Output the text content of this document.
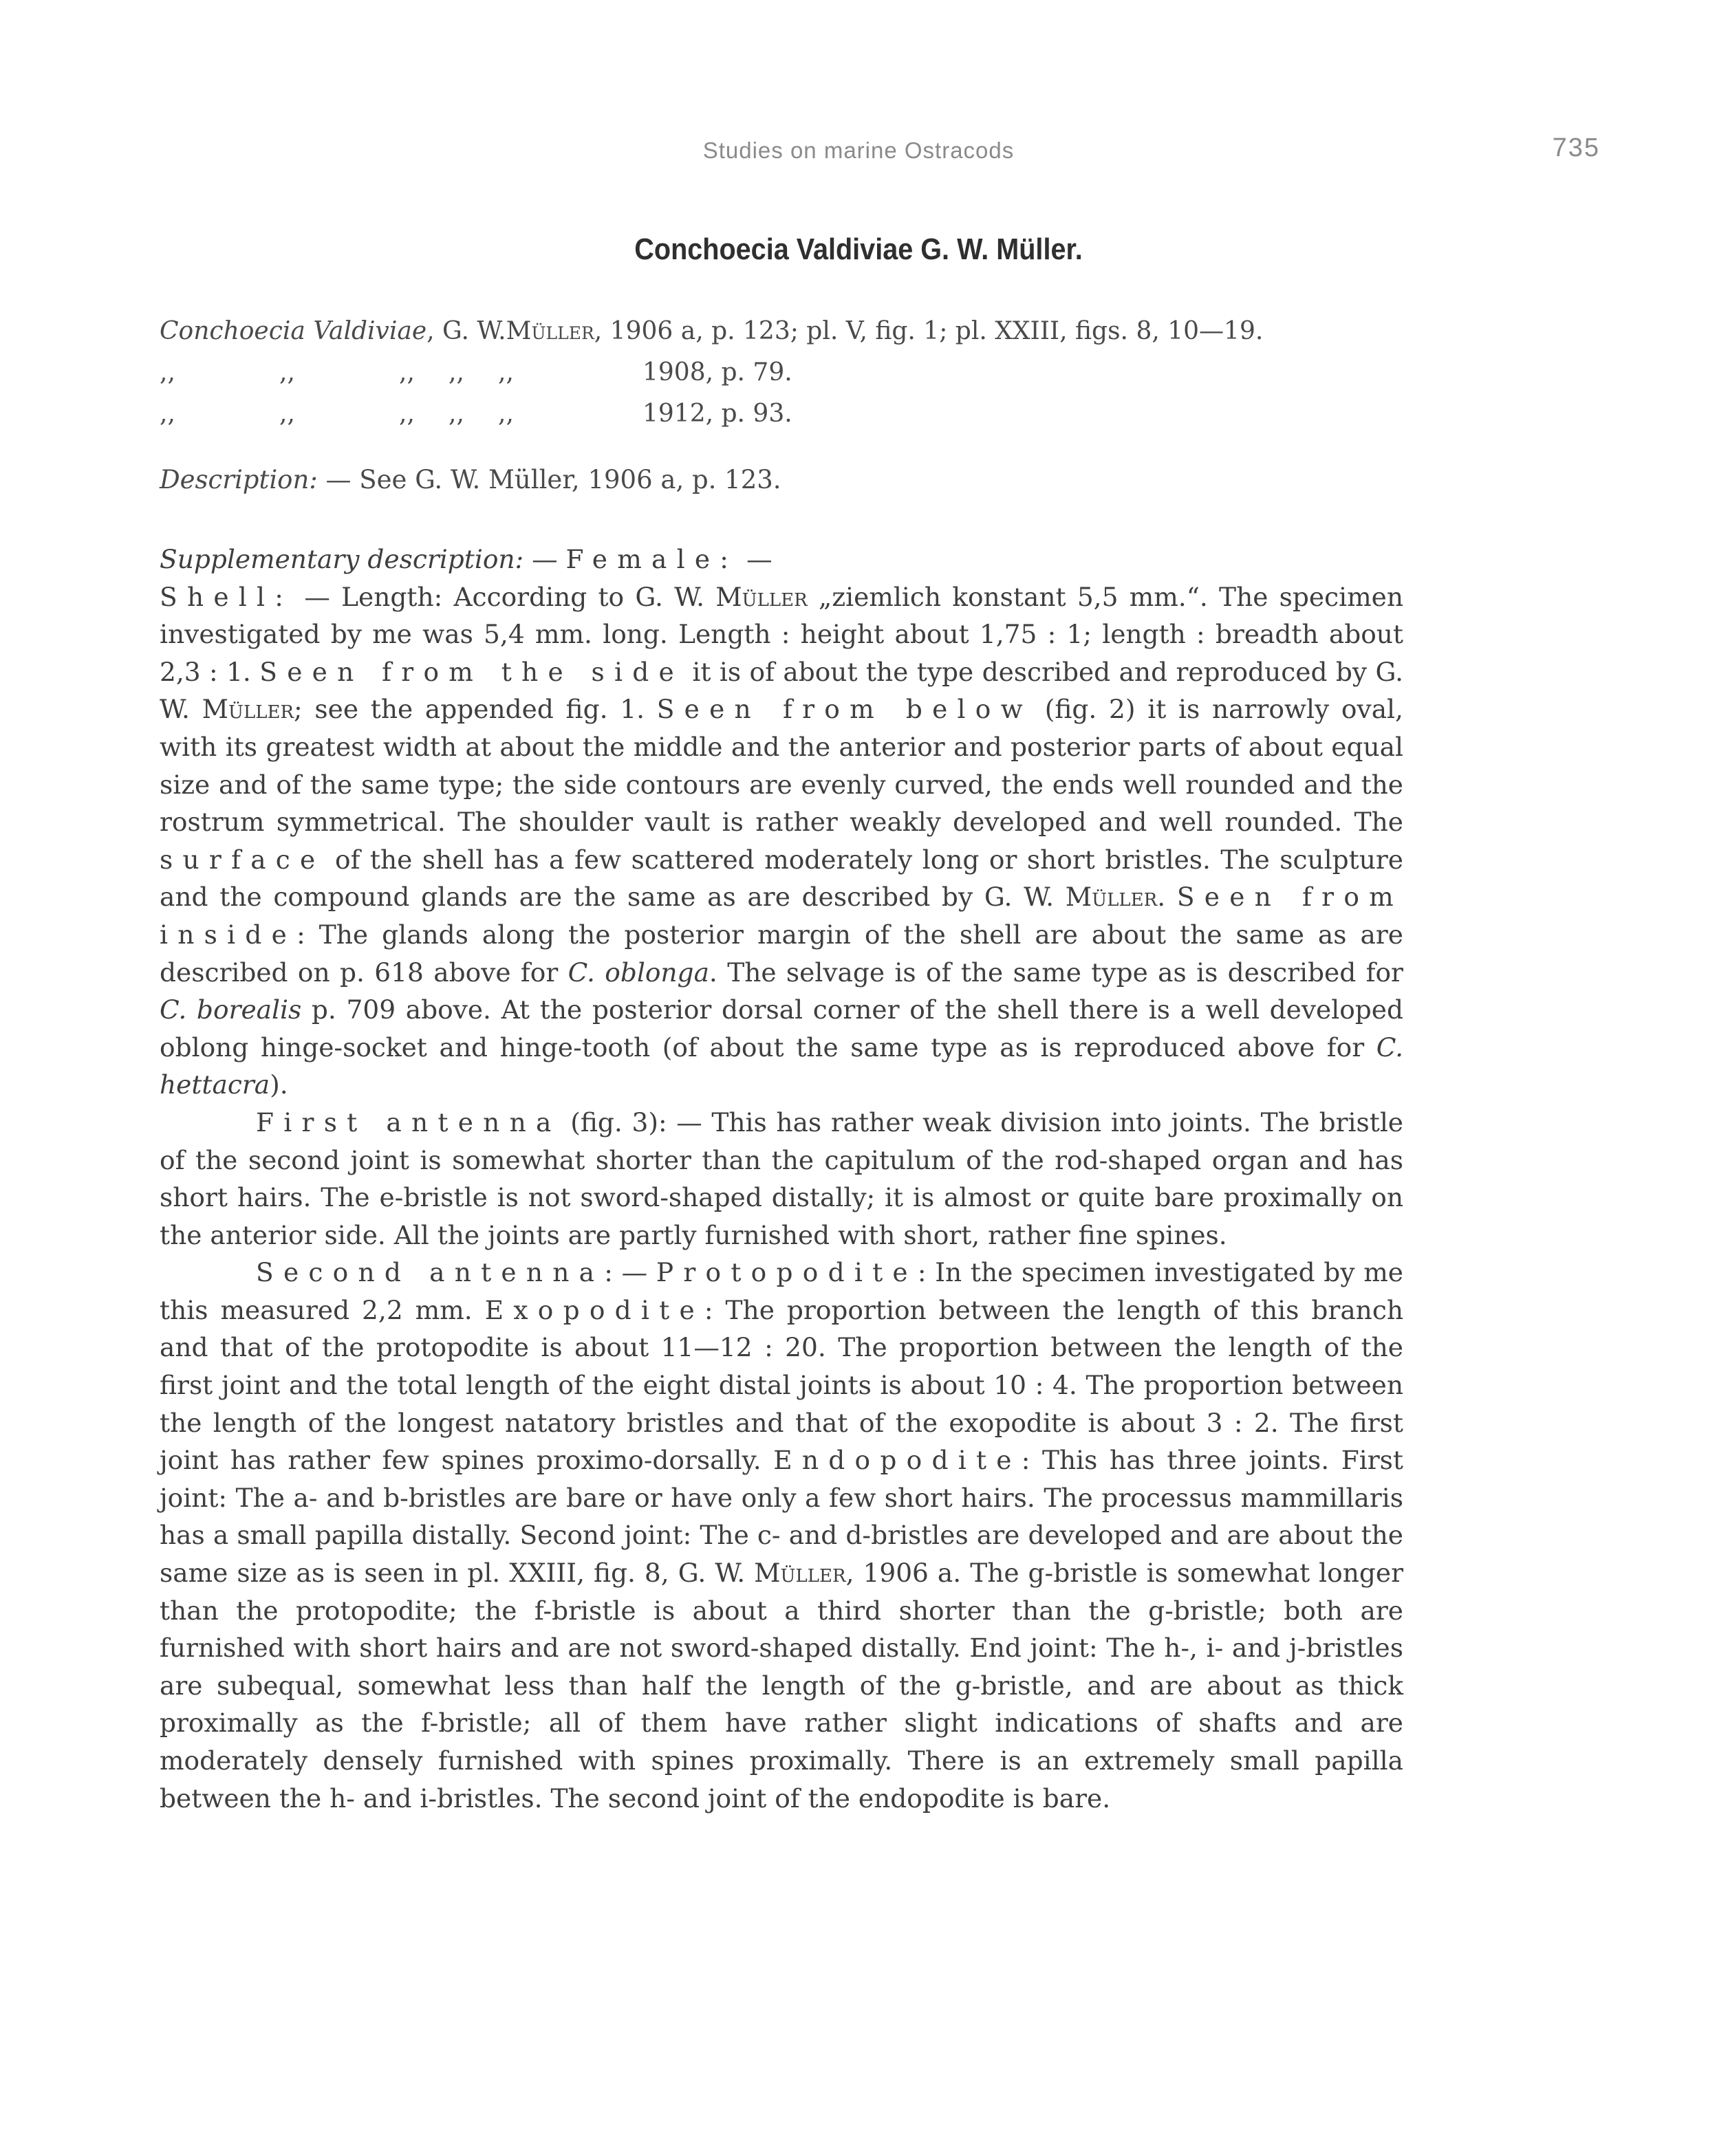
Studies on marine Ostracods	735
Conchoecia Valdiviae G. W. Müller.
Conchoecia Valdiviae , G. W. Müller , 1906 a, p. 123; pl. V, fig. 1; pl. XXIII, figs. 8, 10—19.
,,	,,	,,	,,	,,	1908, p. 79.
,,	,,	,,	,,	,,	1912, p. 93.
Description: — See G. W. Müller, 1906 a, p. 123.

Supplementary description: — Female: —

Shell: — Length: According to G. W. Müller „ziemlich konstant 5,5 mm.“. The specimen investigated by me was 5,4 mm. long. Length : height about 1,75 : 1; length : breadth about 2,3 : 1. Seen from the side it is of about the type described and reproduced by G. W. Müller; see the appended fig. 1. Seen from below (fig. 2) it is narrowly oval, with its greatest width at about the middle and the anterior and posterior parts of about equal size and of the same type; the side contours are evenly curved, the ends well rounded and the rostrum symmetrical. The shoulder vault is rather weakly developed and well rounded. The surface of the shell has a few scattered moderately long or short bristles. The sculpture and the compound glands are the same as are described by G. W. Müller. Seen from inside: The glands along the posterior margin of the shell are about the same as are described on p. 618 above for C. oblonga. The selvage is of the same type as is described for C. borealis p. 709 above. At the posterior dorsal corner of the shell there is a well developed oblong hinge-socket and hinge-tooth (of about the same type as is reproduced above for C. hettacra).

First antenna (fig. 3): — This has rather weak division into joints. The bristle of the second joint is somewhat shorter than the capitulum of the rod-shaped organ and has short hairs. The e-bristle is not sword-shaped distally; it is almost or quite bare proximally on the anterior side. All the joints are partly furnished with short, rather fine spines.

Second antenna: — Protopodite: In the specimen investigated by me this measured 2,2 mm. Exopodite: The proportion between the length of this branch and that of the protopodite is about 11—12 : 20. The proportion between the length of the first joint and the total length of the eight distal joints is about 10 : 4. The proportion between the length of the longest natatory bristles and that of the exopodite is about 3 : 2. The first joint has rather few spines proximo-dorsally. Endopodite: This has three joints. First joint: The a- and b-bristles are bare or have only a few short hairs. The processus mammillaris has a small papilla distally. Second joint: The c- and d-bristles are developed and are about the same size as is seen in pl. XXIII, fig. 8, G. W. Müller, 1906 a. The g-bristle is somewhat longer than the protopodite; the f-bristle is about a third shorter than the g-bristle; both are furnished with short hairs and are not sword-shaped distally. End joint: The h-, i- and j-bristles are subequal, somewhat less than half the length of the g-bristle, and are about as thick proximally as the f-bristle; all of them have rather slight indications of shafts and are moderately densely furnished with spines proximally. There is an extremely small papilla between the h- and i-bristles. The second joint of the endopodite is bare.
